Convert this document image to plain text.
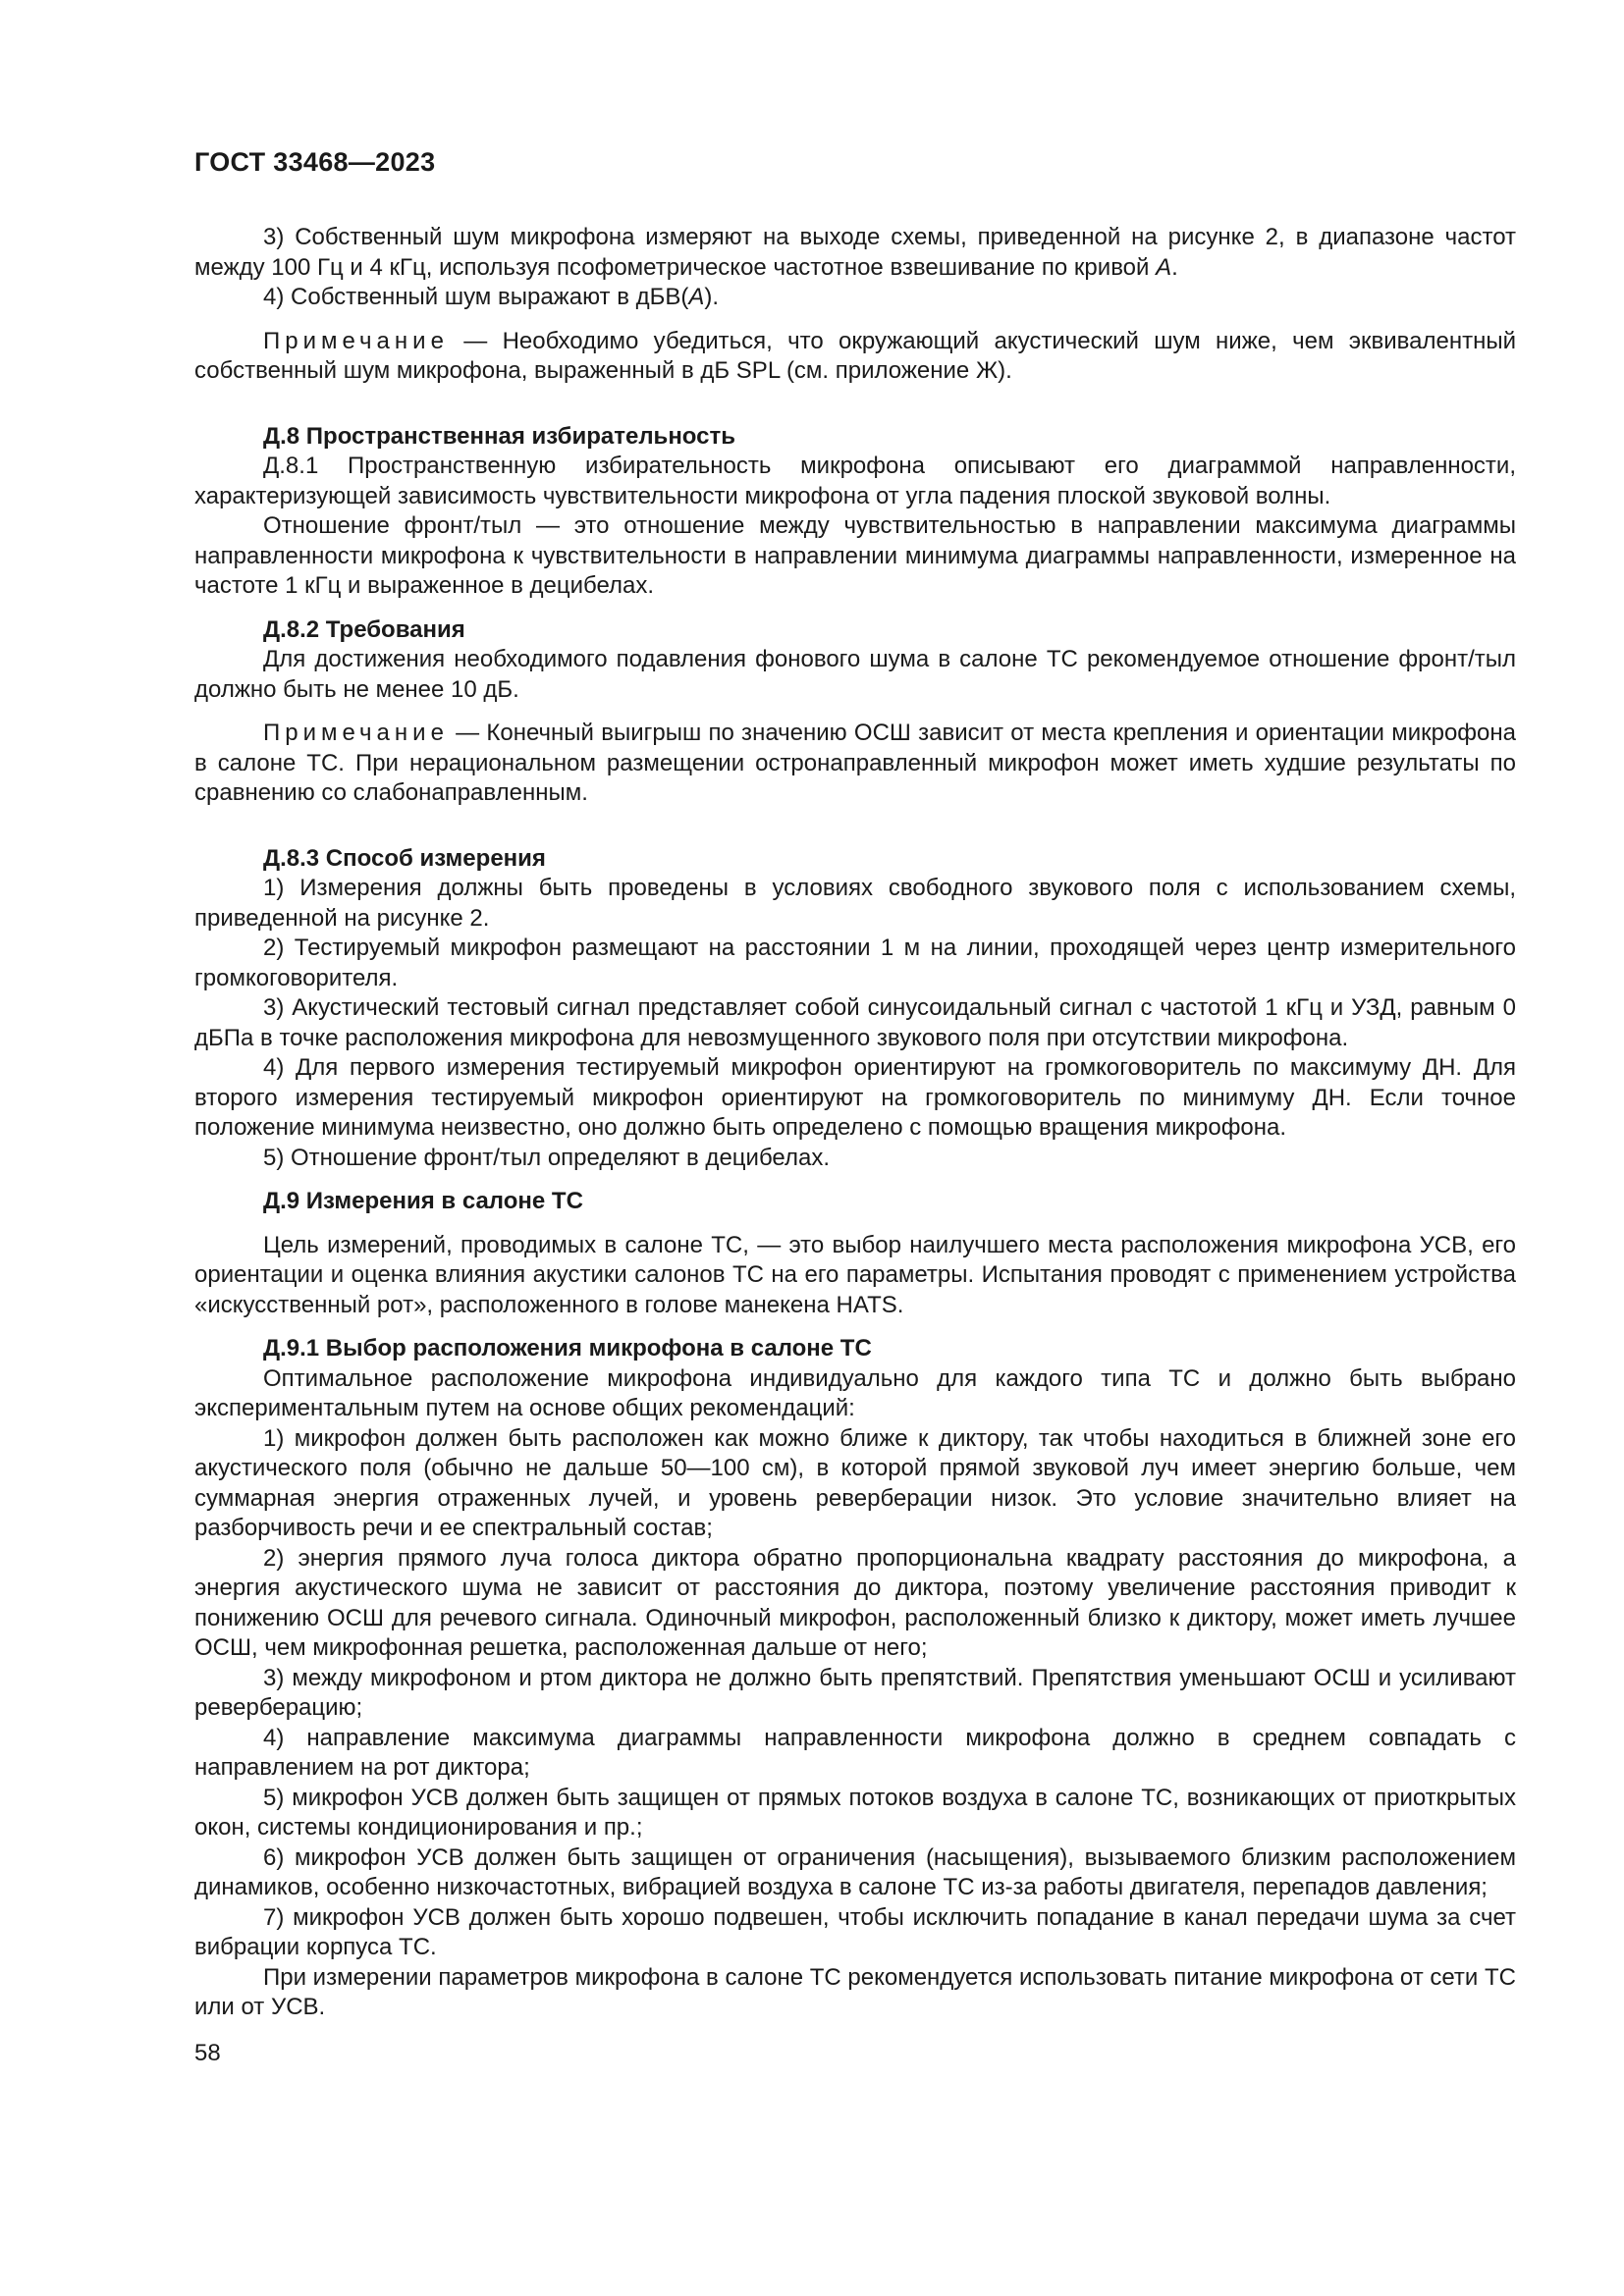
ГОСТ 33468—2023

3) Собственный шум микрофона измеряют на выходе схемы, приведенной на рисунке 2, в диапазоне частот между 100 Гц и 4 кГц, используя псофометрическое частотное взвешивание по кривой A.

4) Собственный шум выражают в дБВ(A).

Примечание — Необходимо убедиться, что окружающий акустический шум ниже, чем эквивалентный собственный шум микрофона, выраженный в дБ SPL (см. приложение Ж).

Д.8 Пространственная избирательность

Д.8.1 Пространственную избирательность микрофона описывают его диаграммой направленности, характеризующей зависимость чувствительности микрофона от угла падения плоской звуковой волны.

Отношение фронт/тыл — это отношение между чувствительностью в направлении максимума диаграммы направленности микрофона к чувствительности в направлении минимума диаграммы направленности, измеренное на частоте 1 кГц и выраженное в децибелах.

Д.8.2 Требования

Для достижения необходимого подавления фонового шума в салоне ТС рекомендуемое отношение фронт/тыл должно быть не менее 10 дБ.

Примечание — Конечный выигрыш по значению ОСШ зависит от места крепления и ориентации микрофона в салоне ТС. При нерациональном размещении остронаправленный микрофон может иметь худшие результаты по сравнению со слабонаправленным.

Д.8.3 Способ измерения

1) Измерения должны быть проведены в условиях свободного звукового поля с использованием схемы, приведенной на рисунке 2.

2) Тестируемый микрофон размещают на расстоянии 1 м на линии, проходящей через центр измерительного громкоговорителя.

3) Акустический тестовый сигнал представляет собой синусоидальный сигнал с частотой 1 кГц и УЗД, равным 0 дБПа в точке расположения микрофона для невозмущенного звукового поля при отсутствии микрофона.

4) Для первого измерения тестируемый микрофон ориентируют на громкоговоритель по максимуму ДН. Для второго измерения тестируемый микрофон ориентируют на громкоговоритель по минимуму ДН. Если точное положение минимума неизвестно, оно должно быть определено с помощью вращения микрофона.

5) Отношение фронт/тыл определяют в децибелах.

Д.9 Измерения в салоне ТС

Цель измерений, проводимых в салоне ТС, — это выбор наилучшего места расположения микрофона УСВ, его ориентации и оценка влияния акустики салонов ТС на его параметры. Испытания проводят с применением устройства «искусственный рот», расположенного в голове манекена HATS.

Д.9.1 Выбор расположения микрофона в салоне ТС

Оптимальное расположение микрофона индивидуально для каждого типа ТС и должно быть выбрано экспериментальным путем на основе общих рекомендаций:

1) микрофон должен быть расположен как можно ближе к диктору, так чтобы находиться в ближней зоне его акустического поля (обычно не дальше 50—100 см), в которой прямой звуковой луч имеет энергию больше, чем суммарная энергия отраженных лучей, и уровень реверберации низок. Это условие значительно влияет на разборчивость речи и ее спектральный состав;

2) энергия прямого луча голоса диктора обратно пропорциональна квадрату расстояния до микрофона, а энергия акустического шума не зависит от расстояния до диктора, поэтому увеличение расстояния приводит к понижению ОСШ для речевого сигнала. Одиночный микрофон, расположенный близко к диктору, может иметь лучшее ОСШ, чем микрофонная решетка, расположенная дальше от него;

3) между микрофоном и ртом диктора не должно быть препятствий. Препятствия уменьшают ОСШ и усиливают реверберацию;

4) направление максимума диаграммы направленности микрофона должно в среднем совпадать с направлением на рот диктора;

5) микрофон УСВ должен быть защищен от прямых потоков воздуха в салоне ТС, возникающих от приоткрытых окон, системы кондиционирования и пр.;

6) микрофон УСВ должен быть защищен от ограничения (насыщения), вызываемого близким расположением динамиков, особенно низкочастотных, вибрацией воздуха в салоне ТС из-за работы двигателя, перепадов давления;

7) микрофон УСВ должен быть хорошо подвешен, чтобы исключить попадание в канал передачи шума за счет вибрации корпуса ТС.

При измерении параметров микрофона в салоне ТС рекомендуется использовать питание микрофона от сети ТС или от УСВ.

58
